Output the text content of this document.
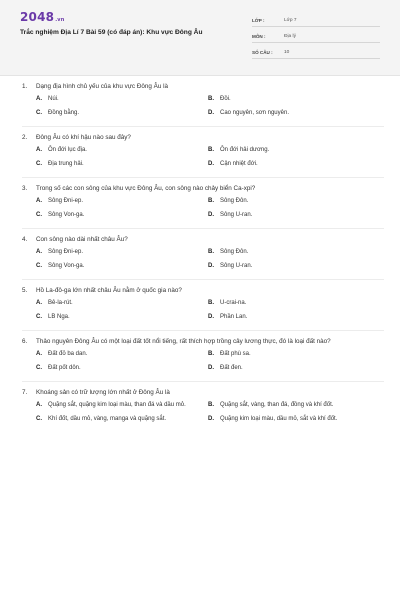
2048.vn
Trắc nghiệm Địa Lí 7 Bài 59 (có đáp án): Khu vực Đông Âu
LỚP :	Lớp 7
MÔN :	Địa lý
SỐ CÂU :	10
1.	Dạng địa hình chủ yếu của khu vực Đông Âu là
A.	Núi.	B.	Đồi.
C.	Đồng bằng.	D.	Cao nguyên, sơn nguyên.
2.	Đông Âu có khí hậu nào sau đây?
A.	Ôn đới lục địa.	B.	Ôn đới hải dương.
C.	Địa trung hải.	D.	Cận nhiệt đới.
3.	Trong số các con sông của khu vực Đông Âu, con sông nào chảy biển Ca-xpi?
A.	Sông Đni-ep.	B.	Sông Đôn.
C.	Sông Von-ga.	D.	Sông U-ran.
4.	Con sông nào dài nhất châu Âu?
A.	Sông Đni-ep.	B.	Sông Đôn.
C.	Sông Von-ga.	D.	Sông U-ran.
5.	Hồ La-đô-ga lớn nhất châu Âu nằm ở quốc gia nào?
A.	Bê-la-rút.	B.	U-crai-na.
C.	LB Nga.	D.	Phần Lan.
6.	Thảo nguyên Đông Âu có một loại đất tốt nổi tiếng, rất thích hợp trồng cây lương thực, đó là loại đất nào?
A.	Đất đỏ ba dan.	B.	Đất phù sa.
C.	Đất pốt dôn.	D.	Đất đen.
7.	Khoáng sản có trữ lượng lớn nhất ở Đông Âu là
A.	Quặng sắt, quặng kim loại màu, than đá và dầu mỏ.	B.	Quặng sắt, vàng, than đá, đồng và khí đốt.
C.	Khí đốt, dầu mỏ, vàng, manga và quặng sắt.	D.	Quặng kim loại màu, dầu mỏ, sắt và khí đốt.
